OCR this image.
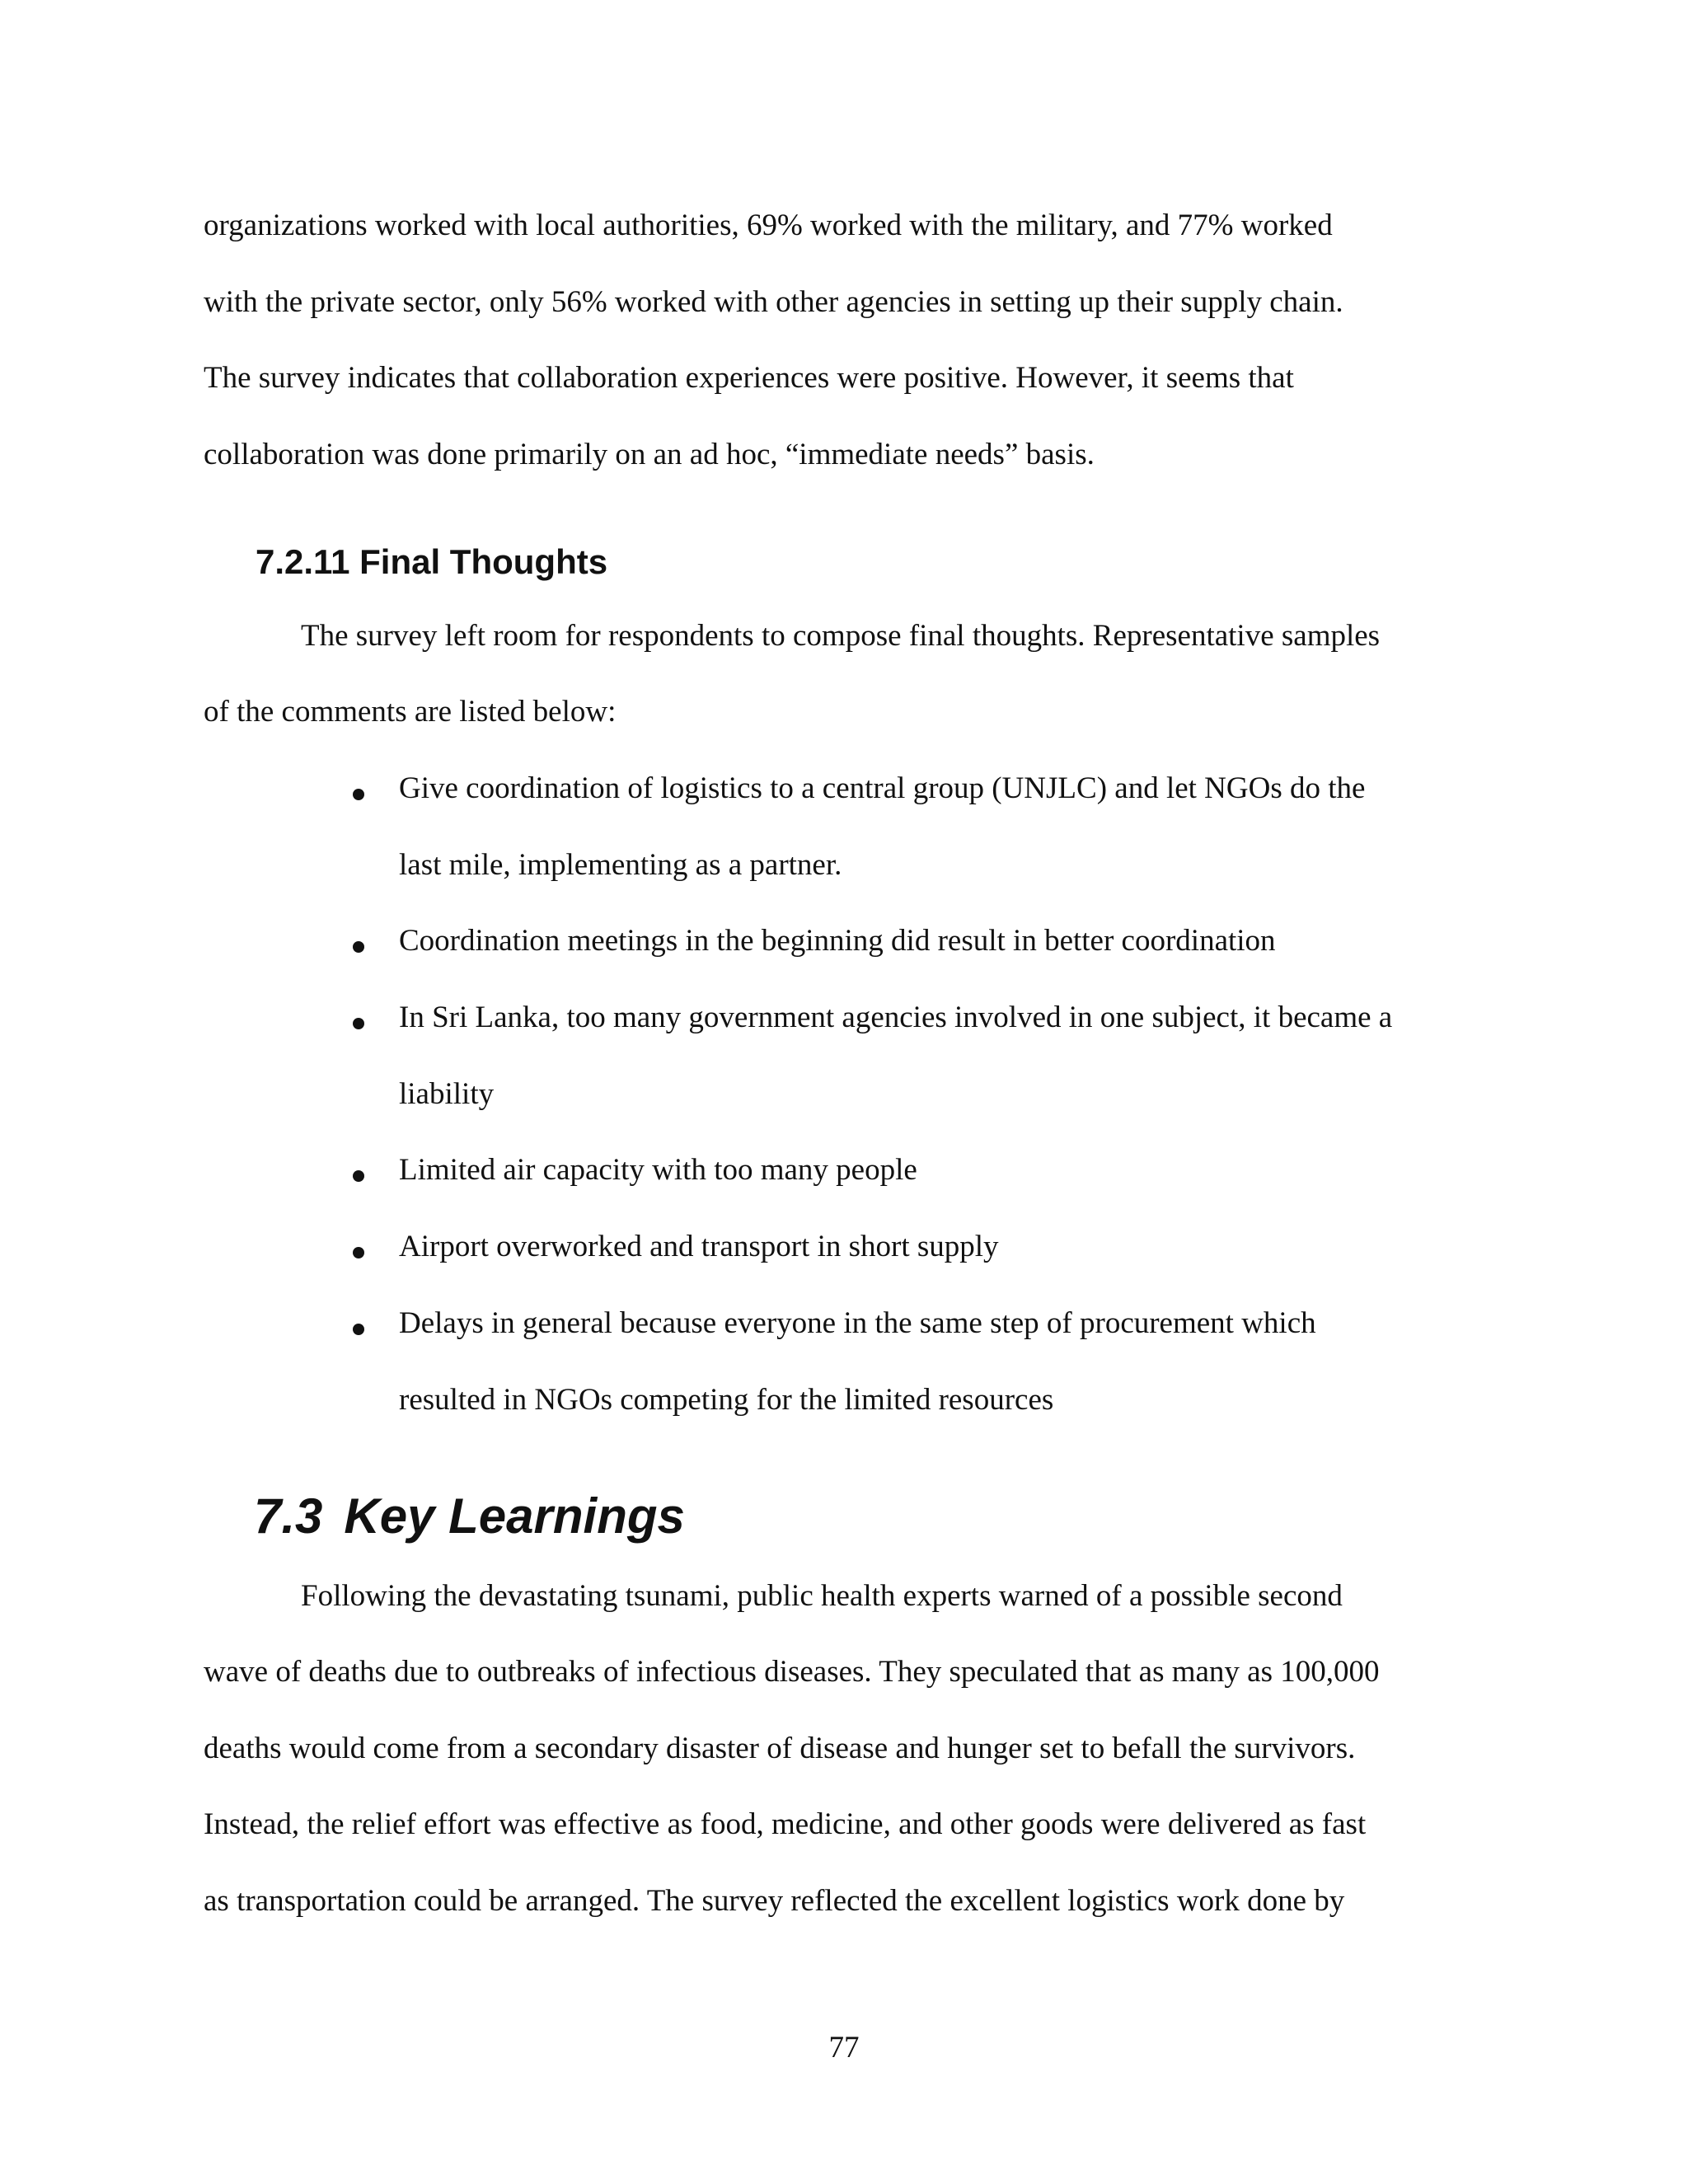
organizations worked with local authorities, 69% worked with the military, and 77% worked
with the private sector, only 56% worked with other agencies in setting up their supply chain.
The survey indicates that collaboration experiences were positive. However, it seems that
collaboration was done primarily on an ad hoc, “immediate needs” basis.
7.2.11 Final Thoughts
The survey left room for respondents to compose final thoughts. Representative samples
of the comments are listed below:
Give coordination of logistics to a central group (UNJLC) and let NGOs do the
last mile, implementing as a partner.
Coordination meetings in the beginning did result in better coordination
In Sri Lanka, too many government agencies involved in one subject, it became a
liability
Limited air capacity with too many people
Airport overworked and transport in short supply
Delays in general because everyone in the same step of procurement which
resulted in NGOs competing for the limited resources
7.3 Key Learnings
Following the devastating tsunami, public health experts warned of a possible second
wave of deaths due to outbreaks of infectious diseases. They speculated that as many as 100,000
deaths would come from a secondary disaster of disease and hunger set to befall the survivors.
Instead, the relief effort was effective as food, medicine, and other goods were delivered as fast
as transportation could be arranged. The survey reflected the excellent logistics work done by
77
